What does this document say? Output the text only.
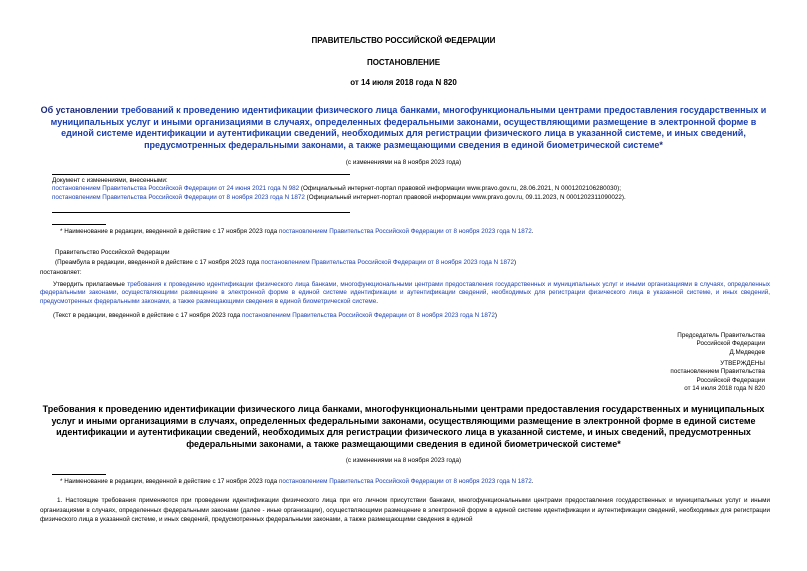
ПРАВИТЕЛЬСТВО РОССИЙСКОЙ ФЕДЕРАЦИИ
ПОСТАНОВЛЕНИЕ
от 14 июля 2018 года N 820
Об установлении требований к проведению идентификации физического лица банками, многофункциональными центрами предоставления государственных и муниципальных услуг и иными организациями в случаях, определенных федеральными законами, осуществляющими размещение в электронной форме в единой системе идентификации и аутентификации сведений, необходимых для регистрации физического лица в указанной системе, и иных сведений, предусмотренных федеральными законами, а также размещающими сведения в единой биометрической системе*
(с изменениями на 8 ноября 2023 года)
Документ с изменениями, внесенными:
постановлением Правительства Российской Федерации от 24 июня 2021 года N 982 (Официальный интернет-портал правовой информации www.pravo.gov.ru, 28.06.2021, N 0001202106280030);
постановлением Правительства Российской Федерации от 8 ноября 2023 года N 1872 (Официальный интернет-портал правовой информации www.pravo.gov.ru, 09.11.2023, N 0001202311090022).
* Наименование в редакции, введенной в действие с 17 ноября 2023 года постановлением Правительства Российской Федерации от 8 ноября 2023 года N 1872.
Правительство Российской Федерации
(Преамбула в редакции, введенной в действие с 17 ноября 2023 года постановлением Правительства Российской Федерации от 8 ноября 2023 года N 1872)
постановляет:
Утвердить прилагаемые требования к проведению идентификации физического лица банками, многофункциональными центрами предоставления государственных и муниципальных услуг и иными организациями в случаях, определенных федеральными законами, осуществляющими размещение в электронной форме в единой системе идентификации и аутентификации сведений, необходимых для регистрации физического лица в указанной системе, и иных сведений, предусмотренных федеральными законами, а также размещающими сведения в единой биометрической системе.
(Текст в редакции, введенной в действие с 17 ноября 2023 года постановлением Правительства Российской Федерации от 8 ноября 2023 года N 1872)
Председатель Правительства
Российской Федерации
Д.Медведев
УТВЕРЖДЕНЫ
постановлением Правительства
Российской Федерации
от 14 июля 2018 года N 820
Требования к проведению идентификации физического лица банками, многофункциональными центрами предоставления государственных и муниципальных услуг и иными организациями в случаях, определенных федеральными законами, осуществляющими размещение в электронной форме в единой системе идентификации и аутентификации сведений, необходимых для регистрации физического лица в указанной системе, и иных сведений, предусмотренных федеральными законами, а также размещающими сведения в единой биометрической системе*
(с изменениями на 8 ноября 2023 года)
* Наименование в редакции, введенной в действие с 17 ноября 2023 года постановлением Правительства Российской Федерации от 8 ноября 2023 года N 1872.
1. Настоящие требования применяются при проведении идентификации физического лица при его личном присутствии банками, многофункциональными центрами предоставления государственных и муниципальных услуг и иными организациями в случаях, определенных федеральными законами (далее - иные организации), осуществляющими размещение в электронной форме в единой системе идентификации и аутентификации сведений, необходимых для регистрации физического лица в указанной системе, и иных сведений, предусмотренных федеральными законами, а также размещающими сведения в единой
